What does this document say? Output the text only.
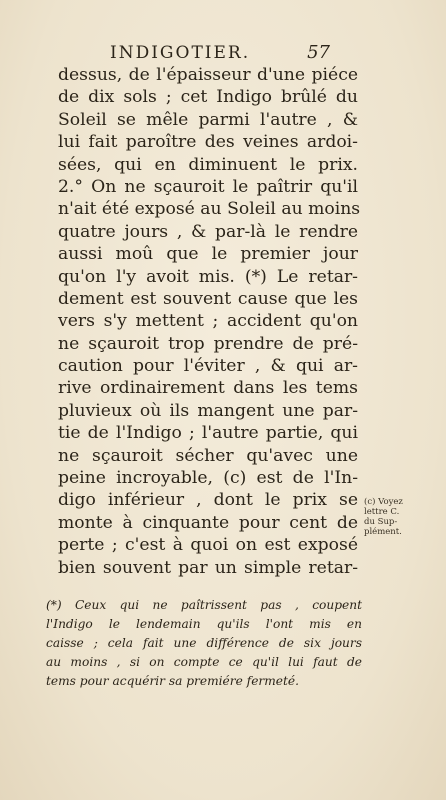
INDIGOTIER.	57
dessus, de l'épaisseur d'une piéce
de dix sols ; cet Indigo brûlé du
Soleil se mêle parmi l'autre , &
lui fait paroître des veines ardoi-
sées, qui en diminuent le prix.
2.° On ne sçauroit le paîtrir qu'il
n'ait été exposé au Soleil au moins
quatre jours , & par-là le rendre
aussi moû que le premier jour
qu'on l'y avoit mis. (*) Le retar-
dement est souvent cause que les
vers s'y mettent ; accident qu'on
ne sçauroit trop prendre de pré-
caution pour l'éviter , & qui ar-
rive ordinairement dans les tems
pluvieux où ils mangent une par-
tie de l'Indigo ; l'autre partie, qui
ne sçauroit sécher qu'avec une
peine incroyable, (c) est de l'In-
digo inférieur , dont le prix se
monte à cinquante pour cent de
perte ; c'est à quoi on est exposé
bien souvent par un simple retar-
(c) Voyez
lettre C.
du Sup-
plément.
(*) Ceux qui ne paîtrissent pas , coupent
l'Indigo le lendemain qu'ils l'ont mis en
caisse ; cela fait une différence de six jours
au moins , si on compte ce qu'il lui faut de
tems pour acquérir sa premiére fermeté.
